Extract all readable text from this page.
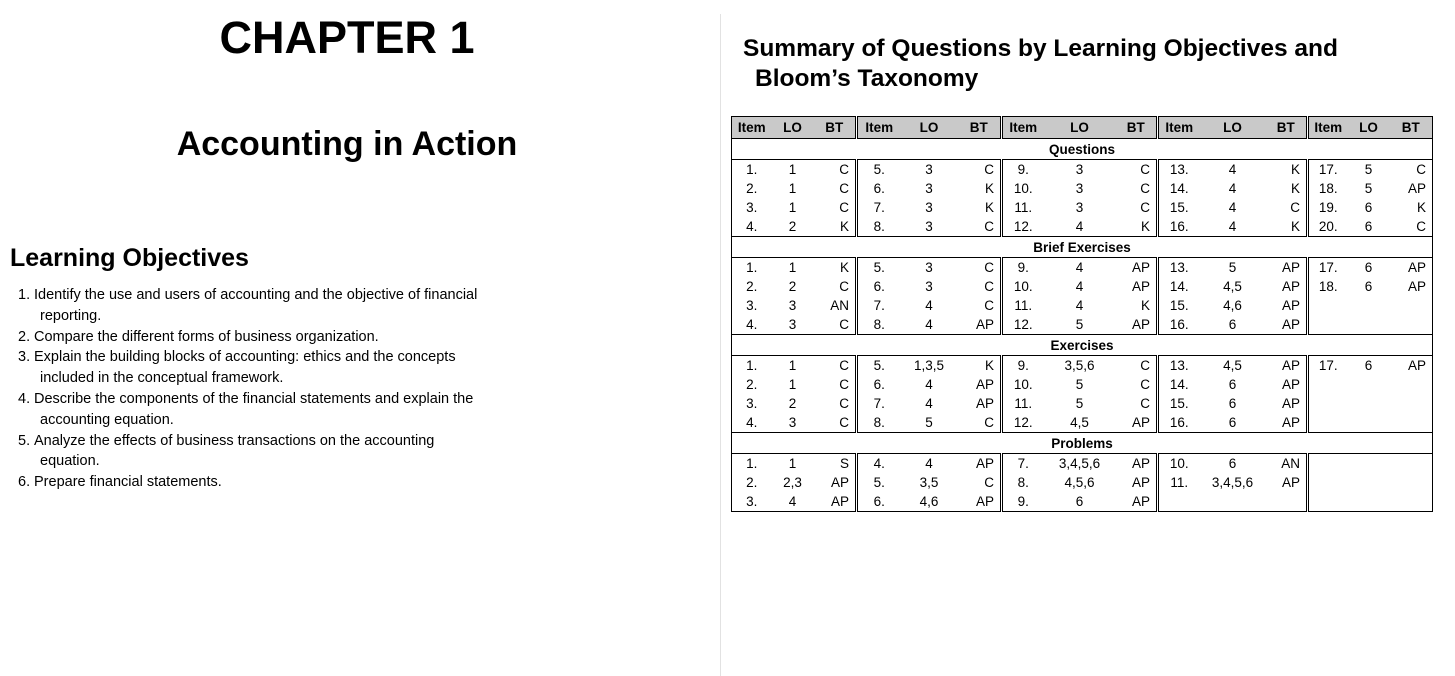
CHAPTER 1
Accounting in Action
Learning Objectives
1. Identify the use and users of accounting and the objective of financial reporting.
2. Compare the different forms of business organization.
3. Explain the building blocks of accounting: ethics and the concepts included in the conceptual framework.
4. Describe the components of the financial statements and explain the accounting equation.
5. Analyze the effects of business transactions on the accounting equation.
6. Prepare financial statements.
Summary of Questions by Learning Objectives and
Bloom’s Taxonomy
Item	LO	BT	Item	LO	BT	Item	LO	BT	Item	LO	BT	Item	LO	BT
Questions														
1.	1	C	5.	3	C	9.	3	C	13.	4	K	17.	5	C
2.	1	C	6.	3	K	10.	3	C	14.	4	K	18.	5	AP
3.	1	C	7.	3	K	11.	3	C	15.	4	C	19.	6	K
4.	2	K	8.	3	C	12.	4	K	16.	4	K	20.	6	C
Brief Exercises														
1.	1	K	5.	3	C	9.	4	AP	13.	5	AP	17.	6	AP
2.	2	C	6.	3	C	10.	4	AP	14.	4,5	AP	18.	6	AP
3.	3	AN	7.	4	C	11.	4	K	15.	4,6	AP			
4.	3	C	8.	4	AP	12.	5	AP	16.	6	AP			
Exercises														
1.	1	C	5.	1,3,5	K	9.	3,5,6	C	13.	4,5	AP	17.	6	AP
2.	1	C	6.	4	AP	10.	5	C	14.	6	AP			
3.	2	C	7.	4	AP	11.	5	C	15.	6	AP			
4.	3	C	8.	5	C	12.	4,5	AP	16.	6	AP			
Problems														
1.	1	S	4.	4	AP	7.	3,4,5,6	AP	10.	6	AN			
2.	2,3	AP	5.	3,5	C	8.	4,5,6	AP	11.	3,4,5,6	AP			
3.	4	AP	6.	4,6	AP	9.	6	AP						
